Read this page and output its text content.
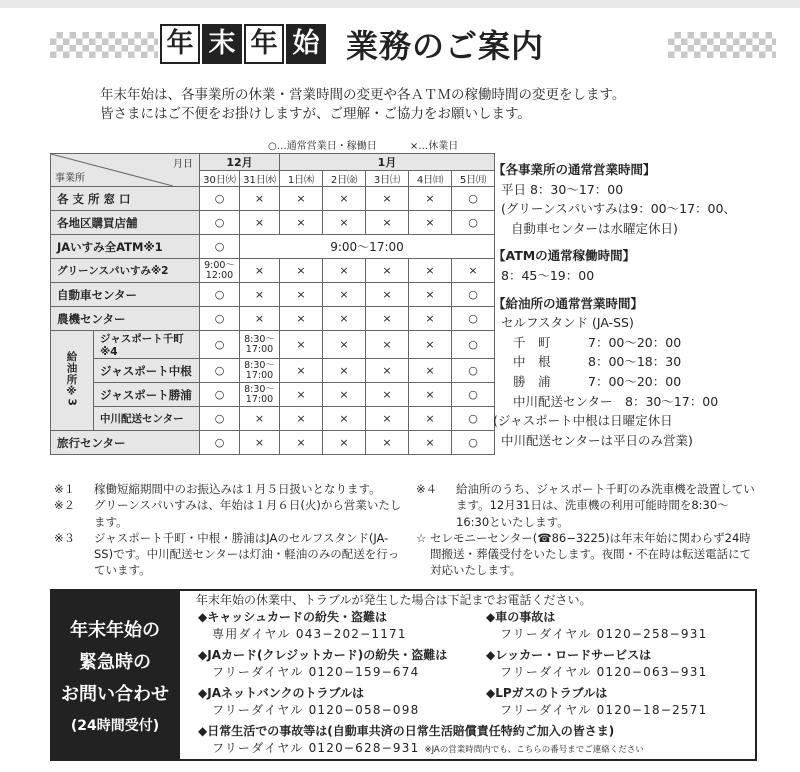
年 末 年 始 業務のご案内
年末年始は、各事業所の休業・営業時間の変更や各ＡＴＭの稼働時間の変更をします。
皆さまにはご不便をお掛けしますが、ご理解・ご協力をお願いします。
○…通常営業日・稼働日	×…休業日
月日
事業所		12月		1月				
		30日㈫	31日㈬	1日㈭	2日㈮	3日㈯	4日㈰	5日㈪
各支所窓口		○	×	×	×	×	×	○
各地区購買店舗		○	×	×	×	×	×	○
JAいすみ全ATM※1		○	9:00〜17:00					
グリーンスパいすみ※2		9:00〜
12:00	×	×	×	×	×	×
自動車センター		○	×	×	×	×	×	○
農機センター		○	×	×	×	×	×	○
給油所※3	ジャスポート千町※4	○	8:30〜
17:00	×	×	×	×	○
	ジャスポート中根	○	8:30〜
17:00	×	×	×	×	○
	ジャスポート勝浦	○	8:30〜
17:00	×	×	×	×	○
	中川配送センター	○	×	×	×	×	×	○
旅行センター		○	×	×	×	×	×	○
【各事業所の通常営業時間】
平日 8：30〜17：00
(グリーンスパいすみは9：00〜17：00、
自動車センターは水曜定休日)
【ATMの通常稼働時間】
8：45〜19：00
【給油所の通常営業時間】
セルフスタンド (JA-SS)
千　町　　　7：00〜20：00
中　根　　　8：00〜18：30
勝　浦　　　7：00〜20：00
中川配送センター　8：30〜17：00
(ジャスポート中根は日曜定休日
中川配送センターは平日のみ営業)
※１	稼働短縮期間中のお振込みは１月５日扱いとなります。
※２	グリーンスパいすみは、年始は１月６日(火)から営業いたします。
※３	ジャスポート千町・中根・勝浦はJAのセルフスタンド(JA-SS)です。中川配送センターは灯油・軽油のみの配送を行っています。
※４	給油所のうち、ジャスポート千町のみ洗車機を設置しています。12月31日は、洗車機の利用可能時間を8:30〜16:30といたします。
☆ セレモニーセンター(☎86−3225)は年末年始に関わらず24時間搬送・葬儀受付をいたします。夜間・不在時は転送電話にて対応いたします。
年末年始の
緊急時の
お問い合わせ
(24時間受付)
年末年始の休業中、トラブルが発生した場合は下記までお電話ください。
◆キャッシュカードの紛失・盗難は
専用ダイヤル 043−202−1171
◆JAカード(クレジットカード)の紛失・盗難は
フリーダイヤル 0120−159−674
◆JAネットバンクのトラブルは
フリーダイヤル 0120−058−098
◆日常生活での事故等は(自動車共済の日常生活賠償責任特約ご加入の皆さま)
フリーダイヤル 0120−628−931 ※JAの営業時間内でも、こちらの番号までご連絡ください
◆車の事故は
フリーダイヤル 0120−258−931
◆レッカー・ロードサービスは
フリーダイヤル 0120−063−931
◆LPガスのトラブルは
フリーダイヤル 0120−18−2571
